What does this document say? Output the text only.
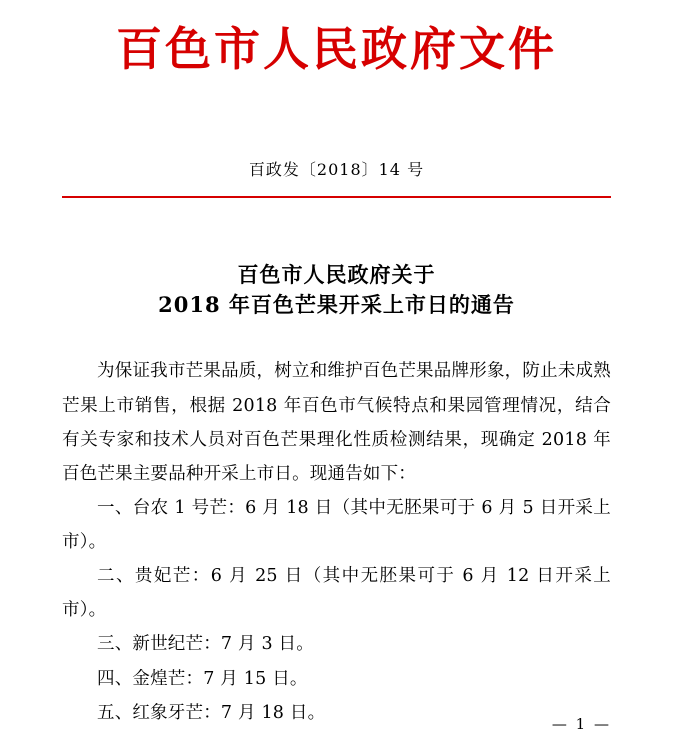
百色市人民政府文件
百政发〔2018〕14 号
百色市人民政府关于
2018 年百色芒果开采上市日的通告

为保证我市芒果品质，树立和维护百色芒果品牌形象，防止未成熟芒果上市销售，根据 2018 年百色市气候特点和果园管理情况，结合有关专家和技术人员对百色芒果理化性质检测结果，现确定 2018 年百色芒果主要品种开采上市日。现通告如下：

一、台农 1 号芒：6 月 18 日（其中无胚果可于 6 月 5 日开采上市）。

二、贵妃芒：6 月 25 日（其中无胚果可于 6 月 12 日开采上市）。

三、新世纪芒：7 月 3 日。

四、金煌芒：7 月 15 日。

五、红象牙芒：7 月 18 日。

— 1 —
